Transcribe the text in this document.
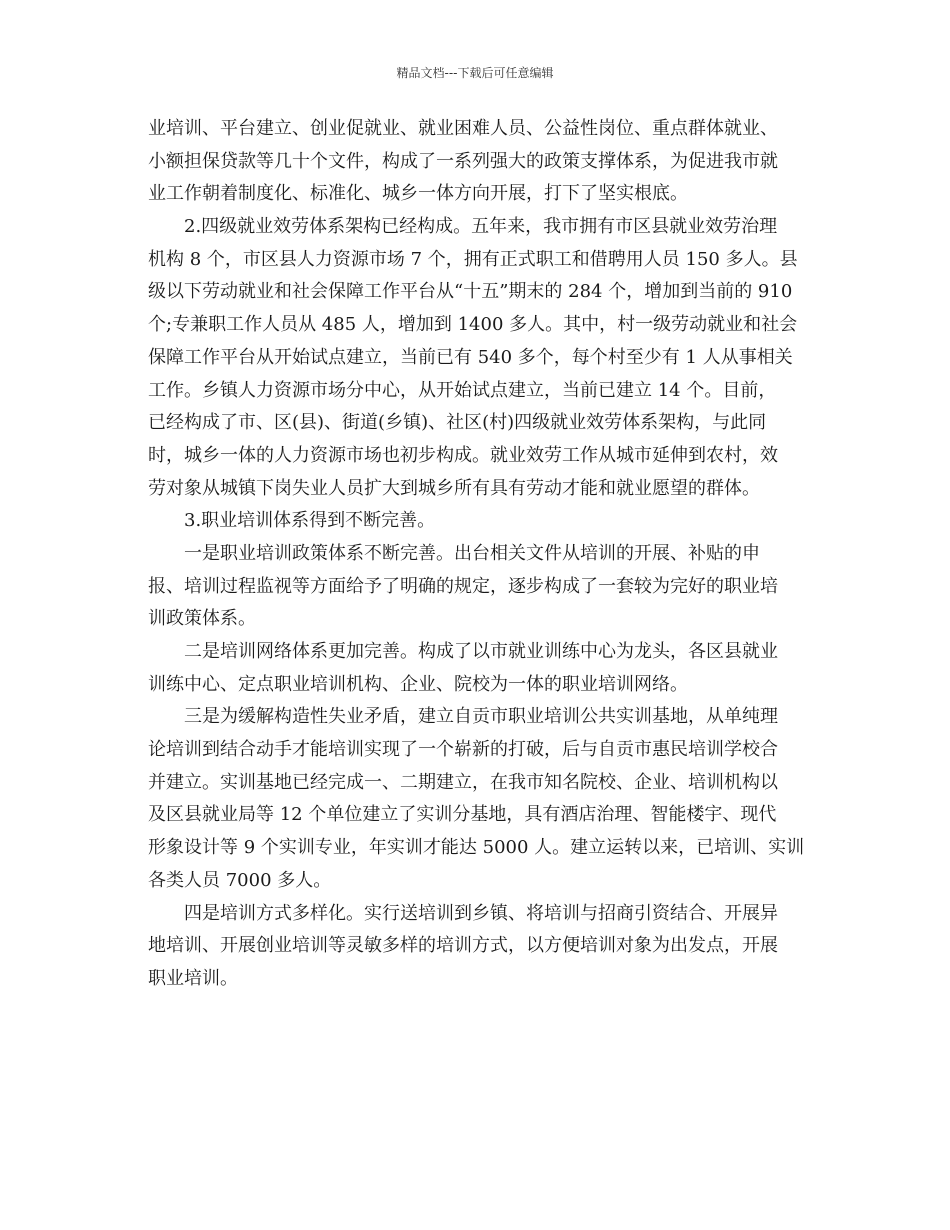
精品文档---下载后可任意编辑
业培训、平台建立、创业促就业、就业困难人员、公益性岗位、重点群体就业、
小额担保贷款等几十个文件，构成了一系列强大的政策支撑体系，为促进我市就
业工作朝着制度化、标准化、城乡一体方向开展，打下了坚实根底。
2.四级就业效劳体系架构已经构成。五年来，我市拥有市区县就业效劳治理
机构 8 个，市区县人力资源市场 7 个，拥有正式职工和借聘用人员 150 多人。县
级以下劳动就业和社会保障工作平台从“十五”期末的 284 个，增加到当前的 910
个;专兼职工作人员从 485 人，增加到 1400 多人。其中，村一级劳动就业和社会
保障工作平台从开始试点建立，当前已有 540 多个，每个村至少有 1 人从事相关
工作。乡镇人力资源市场分中心，从开始试点建立，当前已建立 14 个。目前，
已经构成了市、区(县)、街道(乡镇)、社区(村)四级就业效劳体系架构，与此同
时，城乡一体的人力资源市场也初步构成。就业效劳工作从城市延伸到农村，效
劳对象从城镇下岗失业人员扩大到城乡所有具有劳动才能和就业愿望的群体。
3.职业培训体系得到不断完善。
一是职业培训政策体系不断完善。出台相关文件从培训的开展、补贴的申
报、培训过程监视等方面给予了明确的规定，逐步构成了一套较为完好的职业培
训政策体系。
二是培训网络体系更加完善。构成了以市就业训练中心为龙头，各区县就业
训练中心、定点职业培训机构、企业、院校为一体的职业培训网络。
三是为缓解构造性失业矛盾，建立自贡市职业培训公共实训基地，从单纯理
论培训到结合动手才能培训实现了一个崭新的打破，后与自贡市惠民培训学校合
并建立。实训基地已经完成一、二期建立，在我市知名院校、企业、培训机构以
及区县就业局等 12 个单位建立了实训分基地，具有酒店治理、智能楼宇、现代
形象设计等 9 个实训专业，年实训才能达 5000 人。建立运转以来，已培训、实训
各类人员 7000 多人。
四是培训方式多样化。实行送培训到乡镇、将培训与招商引资结合、开展异
地培训、开展创业培训等灵敏多样的培训方式，以方便培训对象为出发点，开展
职业培训。
